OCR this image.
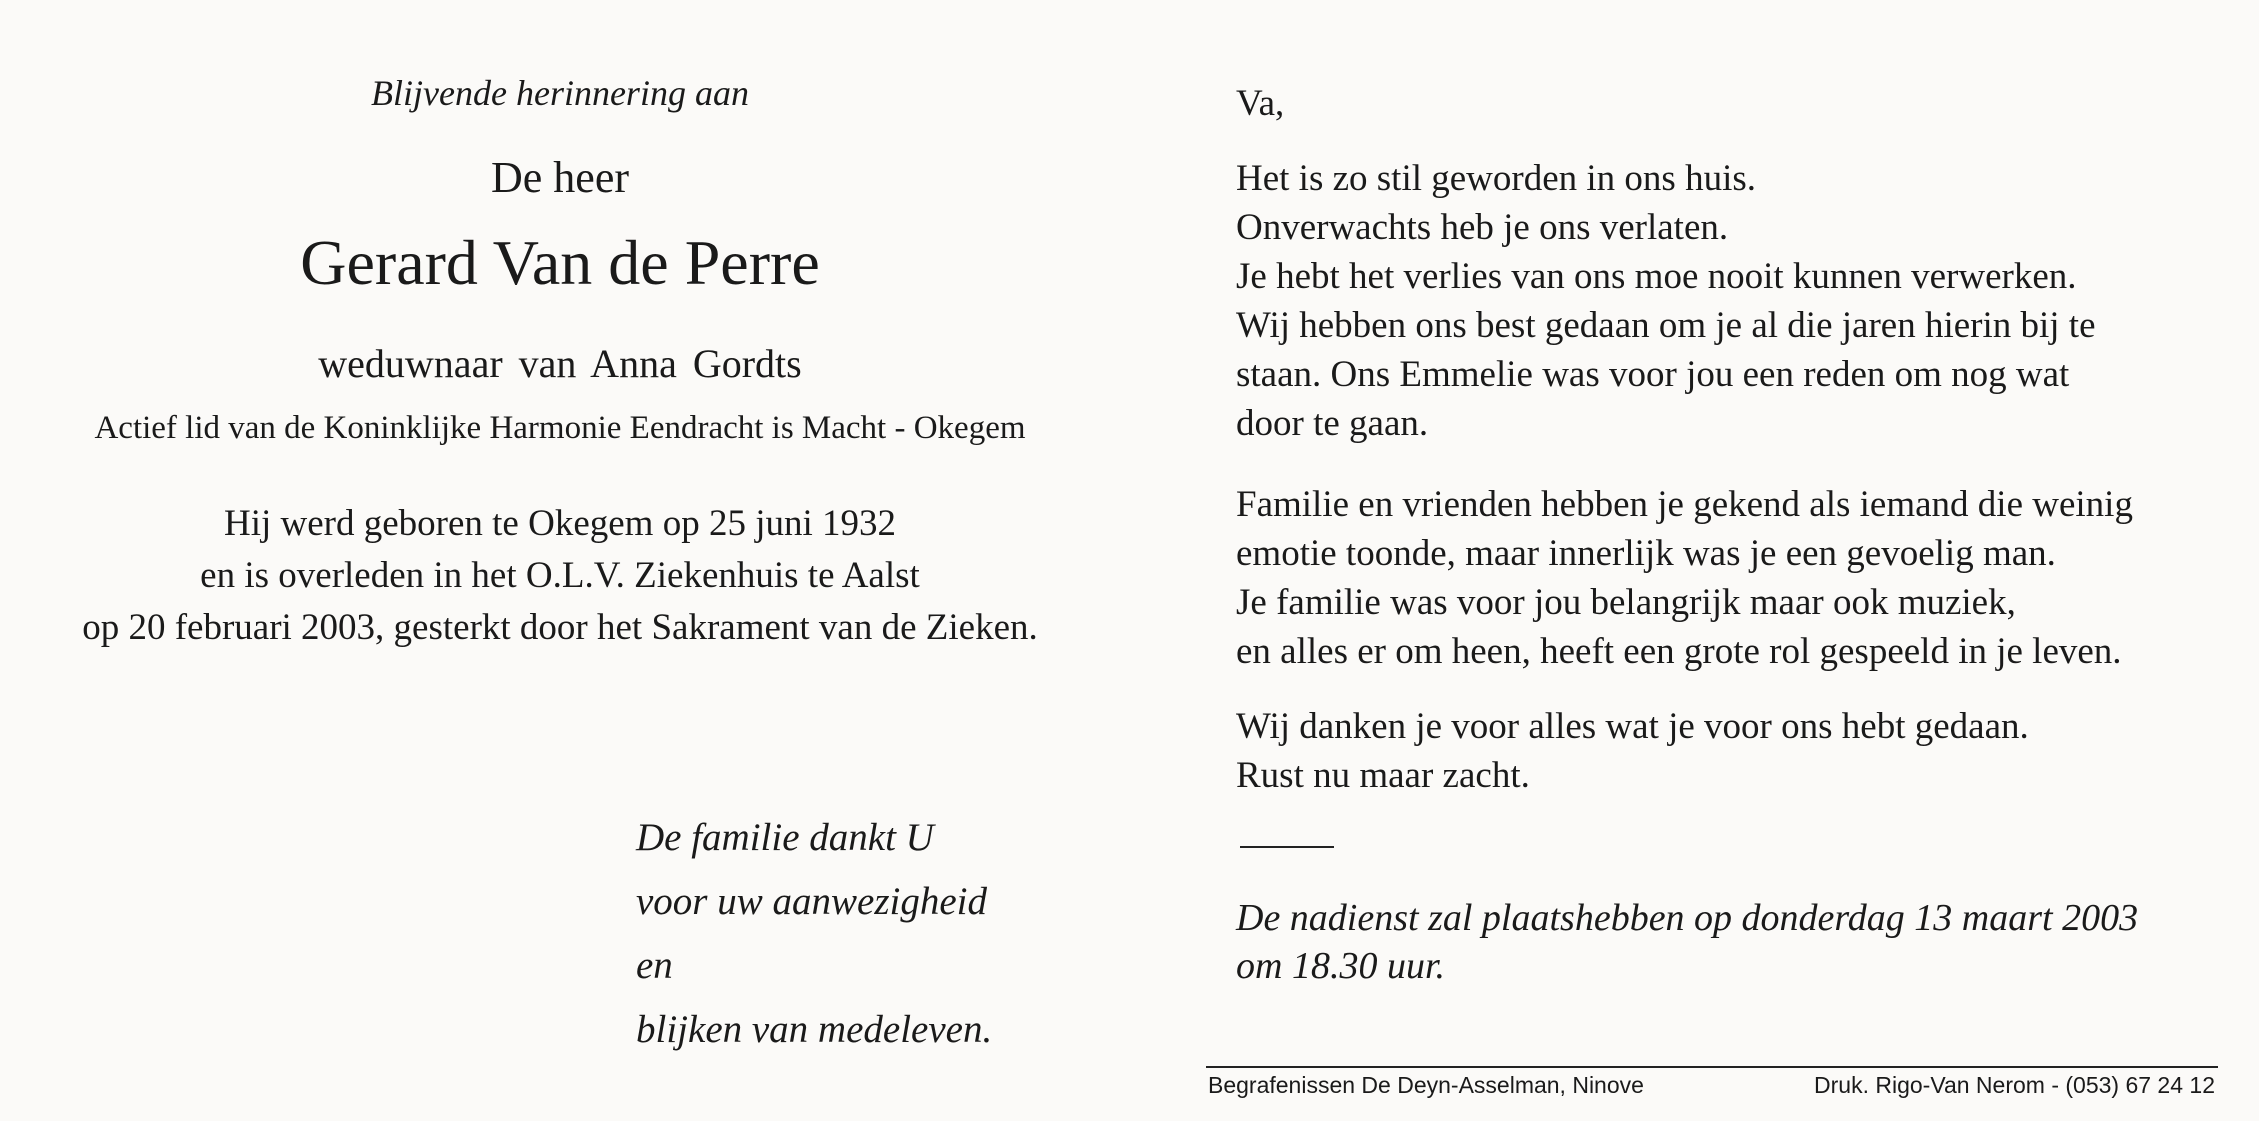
Blijvende herinnering aan
De heer
Gerard Van de Perre
weduwnaar van Anna Gordts
Actief lid van de Koninklijke Harmonie Eendracht is Macht - Okegem
Hij werd geboren te Okegem op 25 juni 1932
en is overleden in het O.L.V. Ziekenhuis te Aalst
op 20 februari 2003, gesterkt door het Sakrament van de Zieken.
De familie dankt U
voor uw aanwezigheid
en
blijken van medeleven.
Va,
Het is zo stil geworden in ons huis.
Onverwachts heb je ons verlaten.
Je hebt het verlies van ons moe nooit kunnen verwerken.
Wij hebben ons best gedaan om je al die jaren hierin bij te
staan. Ons Emmelie was voor jou een reden om nog wat
door te gaan.
Familie en vrienden hebben je gekend als iemand die weinig
emotie toonde, maar innerlijk was je een gevoelig man.
Je familie was voor jou belangrijk maar ook muziek,
en alles er om heen, heeft een grote rol gespeeld in je leven.
Wij danken je voor alles wat je voor ons hebt gedaan.
Rust nu maar zacht.
De nadienst zal plaatshebben op donderdag 13 maart 2003
om 18.30 uur.
Begrafenissen De Deyn-Asselman, Ninove	Druk. Rigo-Van Nerom - (053) 67 24 12
